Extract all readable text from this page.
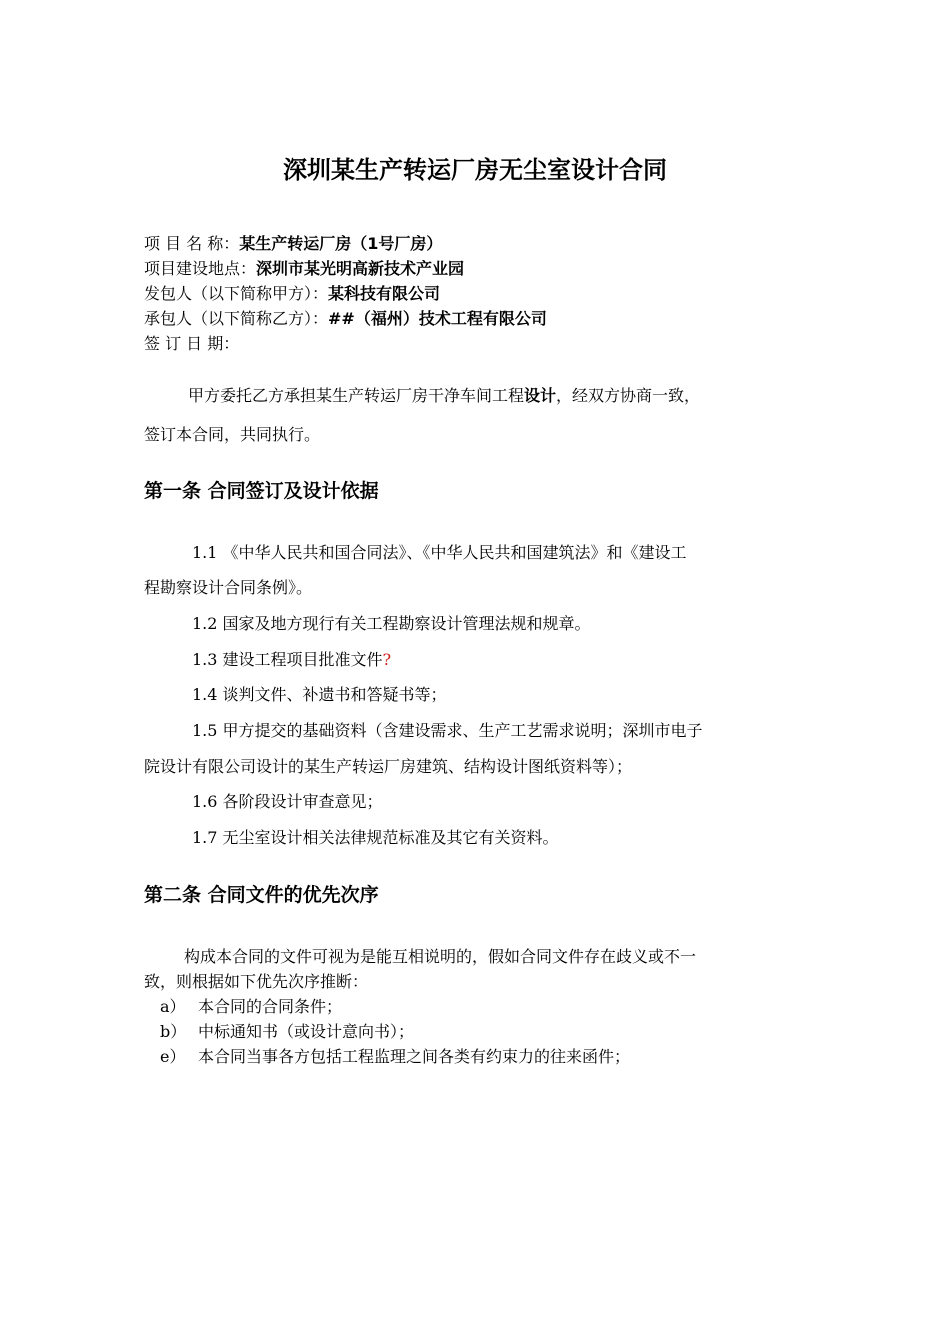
深圳某生产转运厂房无尘室设计合同
项 目 名 称：某生产转运厂房（1号厂房）
项目建设地点：深圳市某光明高新技术产业园
发包人（以下简称甲方）：某科技有限公司
承包人（以下简称乙方）：##（福州）技术工程有限公司
签 订 日 期：
甲方委托乙方承担某生产转运厂房干净车间工程设计，经双方协商一致，
签订本合同，共同执行。
第一条 合同签订及设计依据
1.1 《中华人民共和国合同法》、《中华人民共和国建筑法》和《建设工
程勘察设计合同条例》。
1.2 国家及地方现行有关工程勘察设计管理法规和规章。
1.3 建设工程项目批准文件?
1.4 谈判文件、补遗书和答疑书等；
1.5 甲方提交的基础资料（含建设需求、生产工艺需求说明；深圳市电子
院设计有限公司设计的某生产转运厂房建筑、结构设计图纸资料等）；
1.6 各阶段设计审查意见；
1.7 无尘室设计相关法律规范标准及其它有关资料。
第二条 合同文件的优先次序
构成本合同的文件可视为是能互相说明的，假如合同文件存在歧义或不一
致，则根据如下优先次序推断：
a） 本合同的合同条件；
b） 中标通知书（或设计意向书）；
e） 本合同当事各方包括工程监理之间各类有约束力的往来函件；
